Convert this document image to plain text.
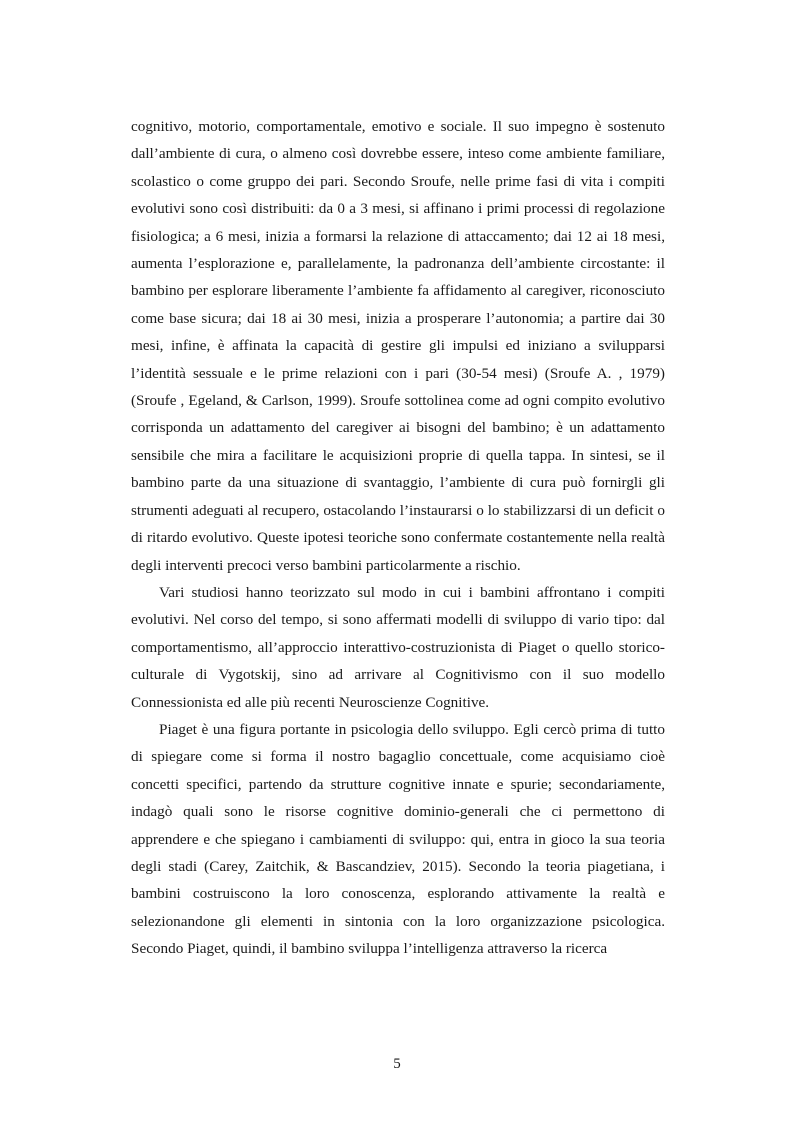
cognitivo, motorio, comportamentale, emotivo e sociale. Il suo impegno è sostenuto dall’ambiente di cura, o almeno così dovrebbe essere, inteso come ambiente familiare, scolastico o come gruppo dei pari. Secondo Sroufe, nelle prime fasi di vita i compiti evolutivi sono così distribuiti: da 0 a 3 mesi, si affinano i primi processi di regolazione fisiologica; a 6 mesi, inizia a formarsi la relazione di attaccamento; dai 12 ai 18 mesi, aumenta l’esplorazione e, parallelamente, la padronanza dell’ambiente circostante: il bambino per esplorare liberamente l’ambiente fa affidamento al caregiver, riconosciuto come base sicura; dai 18 ai 30 mesi, inizia a prosperare l’autonomia; a partire dai 30 mesi, infine, è affinata la capacità di gestire gli impulsi ed iniziano a svilupparsi l’identità sessuale e le prime relazioni con i pari (30-54 mesi) (Sroufe A. , 1979) (Sroufe , Egeland, & Carlson, 1999). Sroufe sottolinea come ad ogni compito evolutivo corrisponda un adattamento del caregiver ai bisogni del bambino; è un adattamento sensibile che mira a facilitare le acquisizioni proprie di quella tappa. In sintesi, se il bambino parte da una situazione di svantaggio, l’ambiente di cura può fornirgli gli strumenti adeguati al recupero, ostacolando l’instaurarsi o lo stabilizzarsi di un deficit o di ritardo evolutivo. Queste ipotesi teoriche sono confermate costantemente nella realtà degli interventi precoci verso bambini particolarmente a rischio.

Vari studiosi hanno teorizzato sul modo in cui i bambini affrontano i compiti evolutivi. Nel corso del tempo, si sono affermati modelli di sviluppo di vario tipo: dal comportamentismo, all’approccio interattivo-costruzionista di Piaget o quello storico-culturale di Vygotskij, sino ad arrivare al Cognitivismo con il suo modello Connessionista ed alle più recenti Neuroscienze Cognitive.

Piaget è una figura portante in psicologia dello sviluppo. Egli cercò prima di tutto di spiegare come si forma il nostro bagaglio concettuale, come acquisiamo cioè concetti specifici, partendo da strutture cognitive innate e spurie; secondariamente, indagò quali sono le risorse cognitive dominio-generali che ci permettono di apprendere e che spiegano i cambiamenti di sviluppo: qui, entra in gioco la sua teoria degli stadi (Carey, Zaitchik, & Bascandziev, 2015). Secondo la teoria piagetiana, i bambini costruiscono la loro conoscenza, esplorando attivamente la realtà e selezionandone gli elementi in sintonia con la loro organizzazione psicologica. Secondo Piaget, quindi, il bambino sviluppa l’intelligenza attraverso la ricerca

5
